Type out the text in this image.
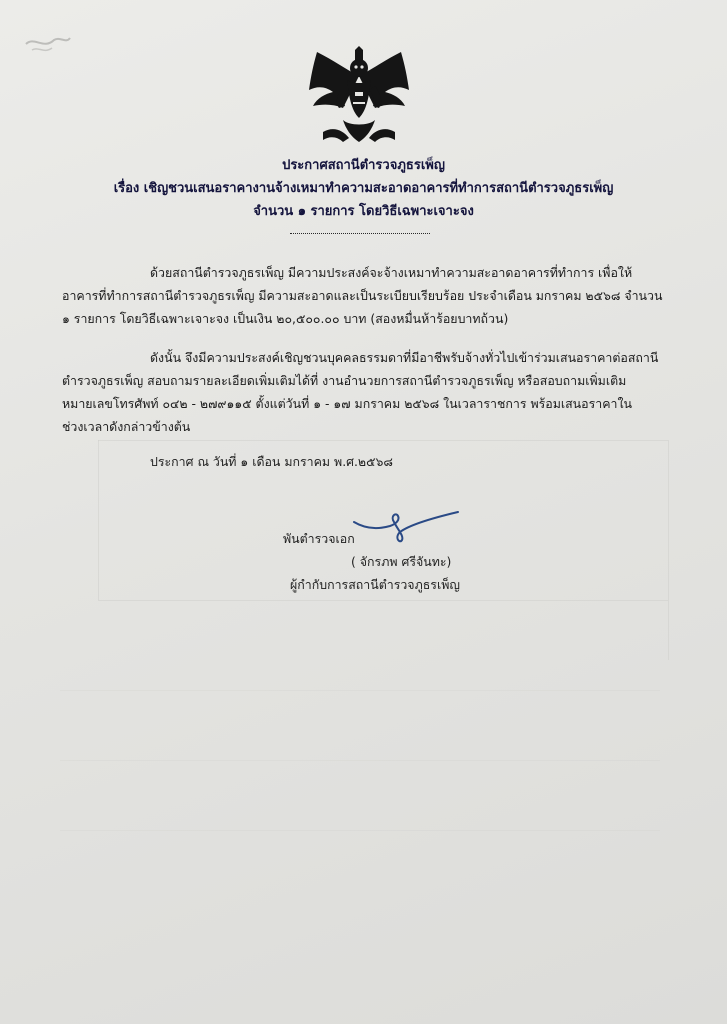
ประกาศสถานีตำรวจภูธรเพ็ญ
เรื่อง เชิญชวนเสนอราคางานจ้างเหมาทำความสะอาดอาคารที่ทำการสถานีตำรวจภูธรเพ็ญ
จำนวน ๑ รายการ โดยวิธีเฉพาะเจาะจง
ด้วยสถานีตำรวจภูธรเพ็ญ มีความประสงค์จะจ้างเหมาทำความสะอาดอาคารที่ทำการ เพื่อให้
อาคารที่ทำการสถานีตำรวจภูธรเพ็ญ มีความสะอาดและเป็นระเบียบเรียบร้อย ประจำเดือน มกราคม ๒๕๖๘ จำนวน
๑ รายการ โดยวิธีเฉพาะเจาะจง เป็นเงิน ๒๐,๕๐๐.๐๐ บาท (สองหมื่นห้าร้อยบาทถ้วน)
ดังนั้น จึงมีความประสงค์เชิญชวนบุคคลธรรมดาที่มีอาชีพรับจ้างทั่วไปเข้าร่วมเสนอราคาต่อสถานี
ตำรวจภูธรเพ็ญ สอบถามรายละเอียดเพิ่มเติมได้ที่ งานอำนวยการสถานีตำรวจภูธรเพ็ญ หรือสอบถามเพิ่มเติม
หมายเลขโทรศัพท์ ๐๔๒ - ๒๗๙๑๑๕ ตั้งแต่วันที่ ๑ - ๑๗ มกราคม ๒๕๖๘ ในเวลาราชการ พร้อมเสนอราคาใน
ช่วงเวลาดังกล่าวข้างต้น
ประกาศ ณ วันที่ ๑ เดือน มกราคม พ.ศ.๒๕๖๘
พันตำรวจเอก
( จักรภพ ศรีจันทะ)
ผู้กำกับการสถานีตำรวจภูธรเพ็ญ
